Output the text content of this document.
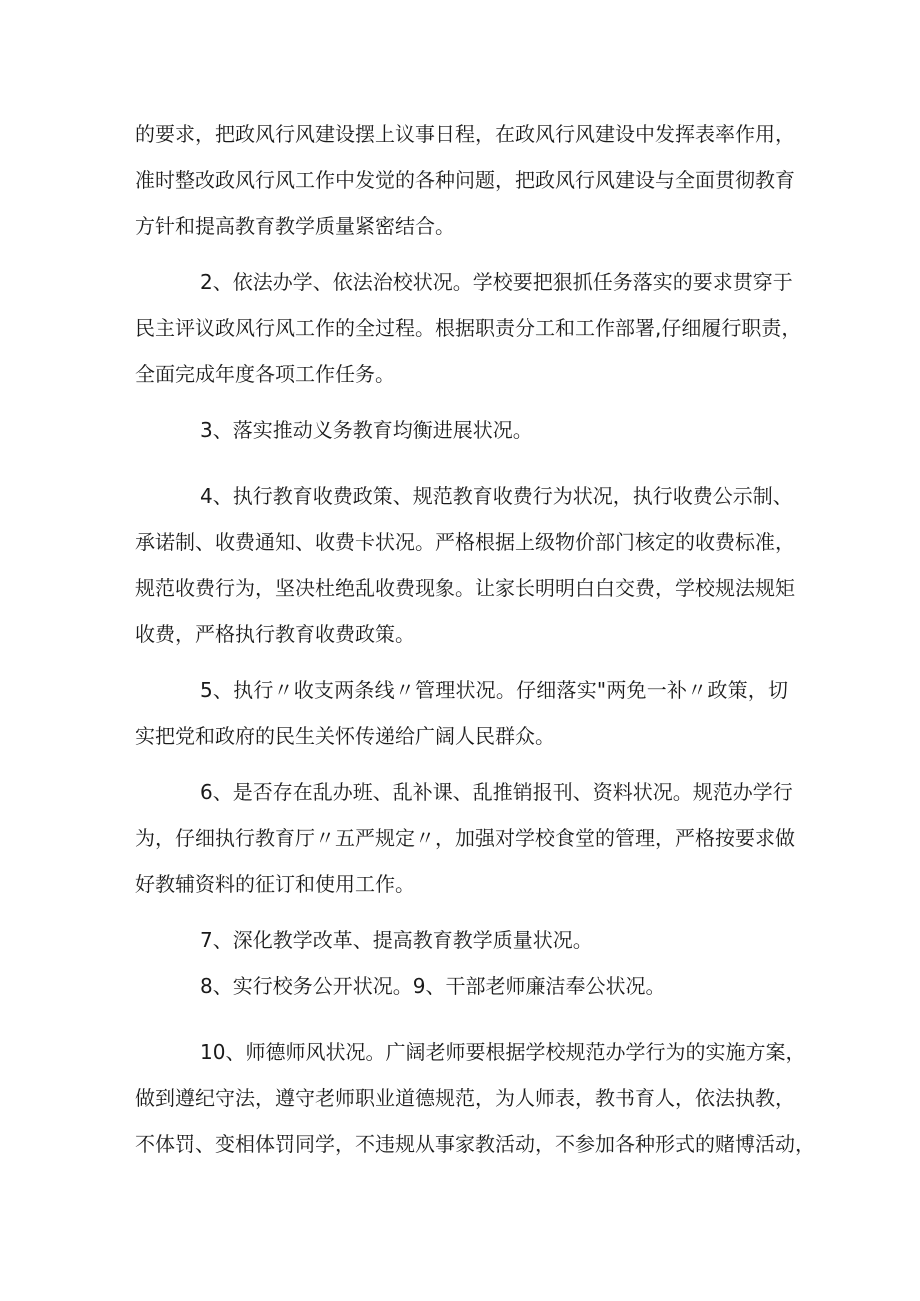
的要求，把政风行风建设摆上议事日程，在政风行风建设中发挥表率作用，
准时整改政风行风工作中发觉的各种问题，把政风行风建设与全面贯彻教育
方针和提高教育教学质量紧密结合。
2、依法办学、依法治校状况。学校要把狠抓任务落实的要求贯穿于
民主评议政风行风工作的全过程。根据职责分工和工作部署,仔细履行职责，
全面完成年度各项工作任务。
3、落实推动义务教育均衡进展状况。
4、执行教育收费政策、规范教育收费行为状况，执行收费公示制、
承诺制、收费通知、收费卡状况。严格根据上级物价部门核定的收费标准，
规范收费行为，坚决杜绝乱收费现象。让家长明明白白交费，学校规法规矩
收费，严格执行教育收费政策。
5、执行〃收支两条线〃管理状况。仔细落实"两免一补〃政策，切
实把党和政府的民生关怀传递给广阔人民群众。
6、是否存在乱办班、乱补课、乱推销报刊、资料状况。规范办学行
为，仔细执行教育厅〃五严规定〃，加强对学校食堂的管理，严格按要求做
好教辅资料的征订和使用工作。
7、深化教学改革、提高教育教学质量状况。
8、实行校务公开状况。9、干部老师廉洁奉公状况。
10、师德师风状况。广阔老师要根据学校规范办学行为的实施方案，
做到遵纪守法，遵守老师职业道德规范，为人师表，教书育人，依法执教，
不体罚、变相体罚同学，不违规从事家教活动，不参加各种形式的赌博活动，
